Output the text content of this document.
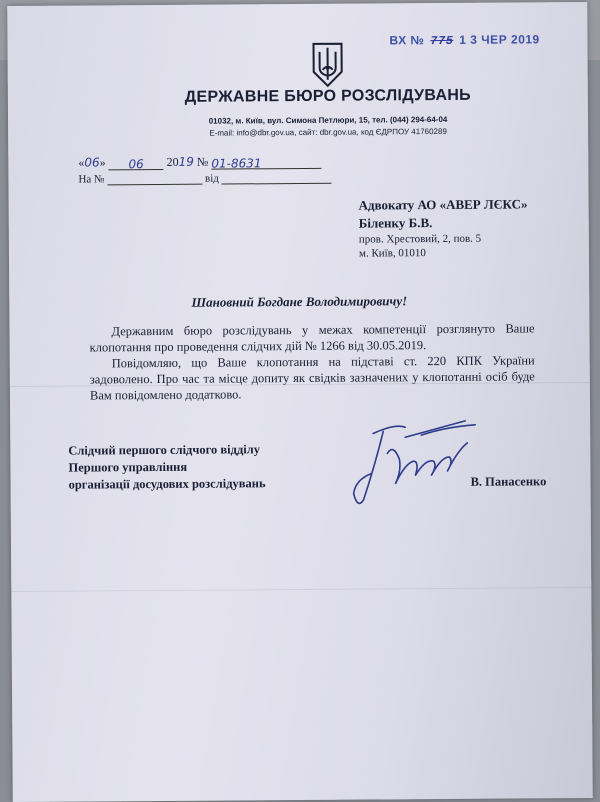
ВХ № 775 1 3 ЧЕР 2019
ДЕРЖАВНЕ БЮРО РОЗСЛІДУВАНЬ
01032, м. Київ, вул. Симона Петлюри, 15, тел. (044) 294-64-04
E-mail: info@dbr.gov.ua, сайт: dbr.gov.ua, код ЄДРПОУ 41760289
«06» 06 2019 № 01-8631
На №	від
Адвокату АО «АВЕР ЛЄКС»
Біленку Б.В.
пров. Хрестовий, 2, пов. 5
м. Київ, 01010
Шановний Богдане Володимировичу!

Державним бюро розслідувань у межах компетенції розглянуто Ваше клопотання про проведення слідчих дій № 1266 від 30.05.2019.

Повідомляю, що Ваше клопотання на підставі ст. 220 КПК України задоволено. Про час та місце допиту як свідків зазначених у клопотанні осіб буде Вам повідомлено додатково.

Слідчий першого слідчого відділу
Першого управління
організації досудових розслідувань	В. Панасенко
